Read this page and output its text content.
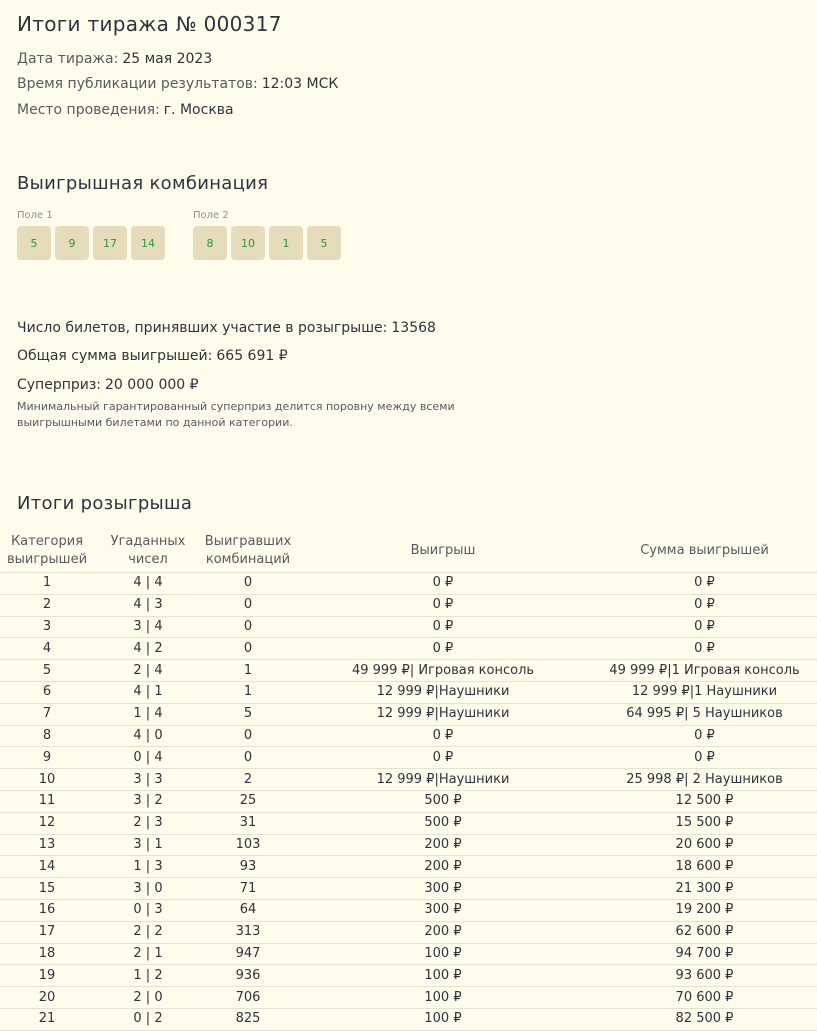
Итоги тиража № 000317
Дата тиража: 25 мая 2023
Время публикации результатов: 12:03 МСК
Место проведения: г. Москва
Выигрышная комбинация
Поле 1
5	9	17	14
Поле 2
8	10	1	5
Число билетов, принявших участие в розыгрыше: 13568
Общая сумма выигрышей: 665 691 ₽
Суперприз: 20 000 000 ₽
Минимальный гарантированный суперприз делится поровну между всеми выигрышными билетами по данной категории.
Итоги розыгрыша
Категория выигрышей	Угаданных чисел	Выигравших комбинаций	Выигрыш	Сумма выигрышей
1	4 | 4	0	0 ₽	0 ₽
2	4 | 3	0	0 ₽	0 ₽
3	3 | 4	0	0 ₽	0 ₽
4	4 | 2	0	0 ₽	0 ₽
5	2 | 4	1	49 999 ₽| Игровая консоль	49 999 ₽|1 Игровая консоль
6	4 | 1	1	12 999 ₽|Наушники	12 999 ₽|1 Наушники
7	1 | 4	5	12 999 ₽|Наушники	64 995 ₽| 5 Наушников
8	4 | 0	0	0 ₽	0 ₽
9	0 | 4	0	0 ₽	0 ₽
10	3 | 3	2	12 999 ₽|Наушники	25 998 ₽| 2 Наушников
11	3 | 2	25	500 ₽	12 500 ₽
12	2 | 3	31	500 ₽	15 500 ₽
13	3 | 1	103	200 ₽	20 600 ₽
14	1 | 3	93	200 ₽	18 600 ₽
15	3 | 0	71	300 ₽	21 300 ₽
16	0 | 3	64	300 ₽	19 200 ₽
17	2 | 2	313	200 ₽	62 600 ₽
18	2 | 1	947	100 ₽	94 700 ₽
19	1 | 2	936	100 ₽	93 600 ₽
20	2 | 0	706	100 ₽	70 600 ₽
21	0 | 2	825	100 ₽	82 500 ₽
